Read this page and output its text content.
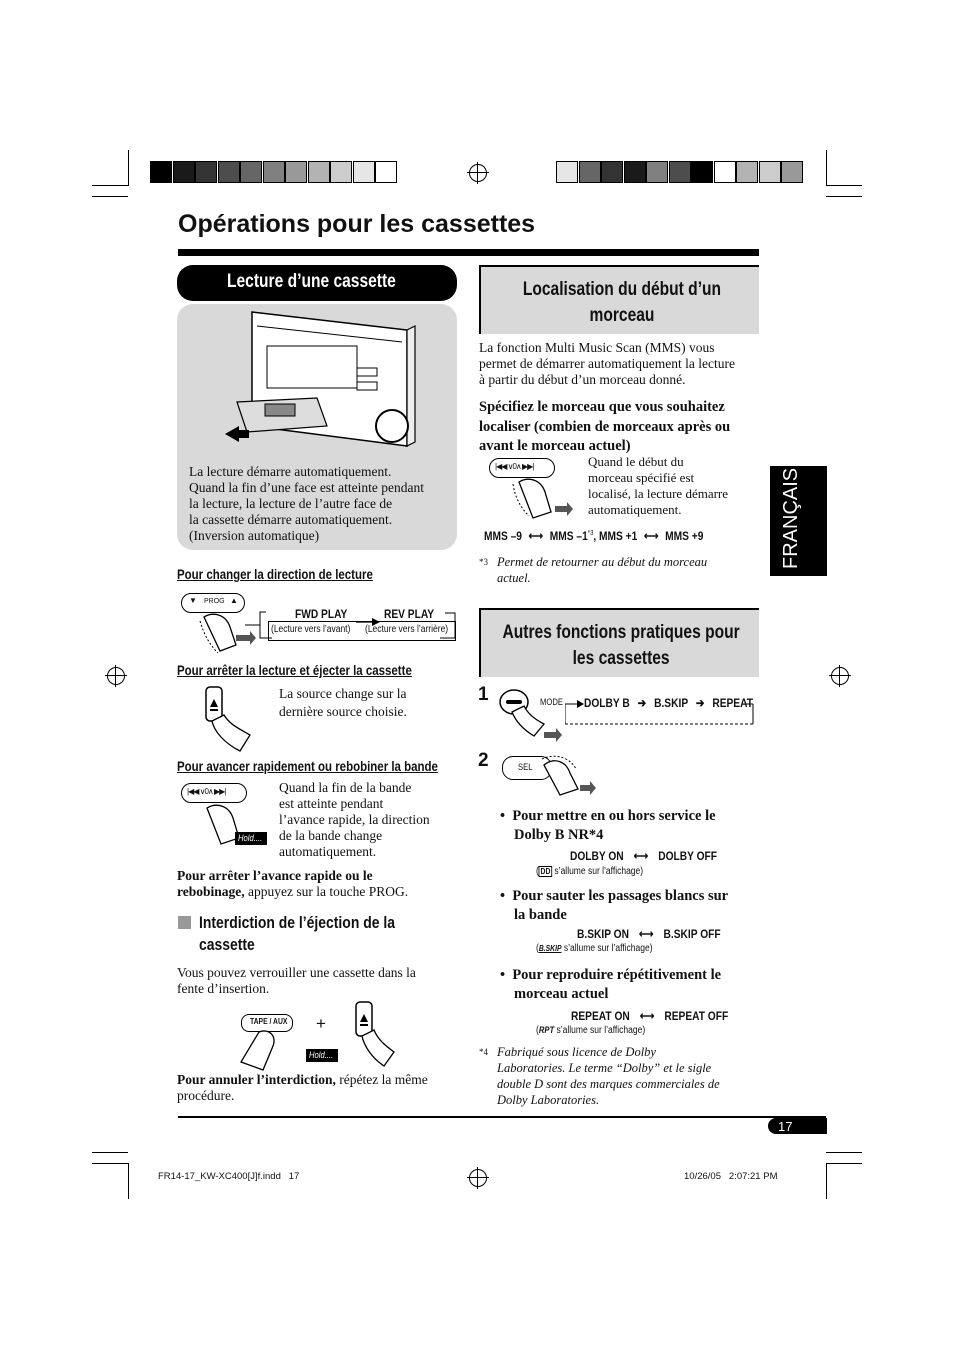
Opérations pour les cassettes
FRANÇAIS
Lecture d’une cassette
La lecture démarre automatiquement.
Quand la fin d’une face est atteinte pendant
la lecture, la lecture de l’autre face de
la cassette démarre automatiquement.
(Inversion automatique)
Pour changer la direction de lecture
▼ PROG ▲
FWD PLAY	REV PLAY
(Lecture vers l’avant) (Lecture vers l’arrière)
Pour arrêter la lecture et éjecter la cassette
La source change sur la
dernière source choisie.
Pour avancer rapidement ou rebobiner la bande
|◀◀ ∨0∧ ▶▶|
Hold....
Quand la fin de la bande
est atteinte pendant
l’avance rapide, la direction
de la bande change
automatiquement.
Pour arrêter l’avance rapide ou le
rebobinage, appuyez sur la touche PROG.
Interdiction de l’éjection de la
cassette
Vous pouvez verrouiller une cassette dans la
fente d’insertion.
TAPE / AUX +
Hold....
Pour annuler l’interdiction, répétez la même
procédure.
Localisation du début d’un
morceau
La fonction Multi Music Scan (MMS) vous
permet de démarrer automatiquement la lecture
à partir du début d’un morceau donné.
Spécifiez le morceau que vous souhaitez
localiser (combien de morceaux après ou
avant le morceau actuel)
|◀◀ ∨0∧ ▶▶|	Quand le début du
morceau spécifié est
localisé, la lecture démarre
automatiquement.
MMS –9 ⟷ MMS –1$^{*3}$, MMS +1 ⟷ MMS +9
*3 Permet de retourner au début du morceau
actuel.
Autres fonctions pratiques pour
les cassettes
1	MODE DOLBY B ➔ B.SKIP ➔ REPEAT
2	SEL
•  Pour mettre en ou hors service le
Dolby B NR*4
DOLBY ON ⟷ DOLBY OFF
( DD s’allume sur l’affichage)
•  Pour sauter les passages blancs sur
la bande
B.SKIP ON ⟷ B.SKIP OFF
(B.SKIP s’allume sur l’affichage)
•  Pour reproduire répétitivement le
morceau actuel
REPEAT ON ⟷ REPEAT OFF
(RPT s’allume sur l’affichage)
*4 Fabriqué sous licence de Dolby
Laboratories. Le terme “Dolby” et le sigle
double D sont des marques commerciales de
Dolby Laboratories.
17
FR14-17_KW-XC400[J]f.indd   17	10/26/05   2:07:21 PM
